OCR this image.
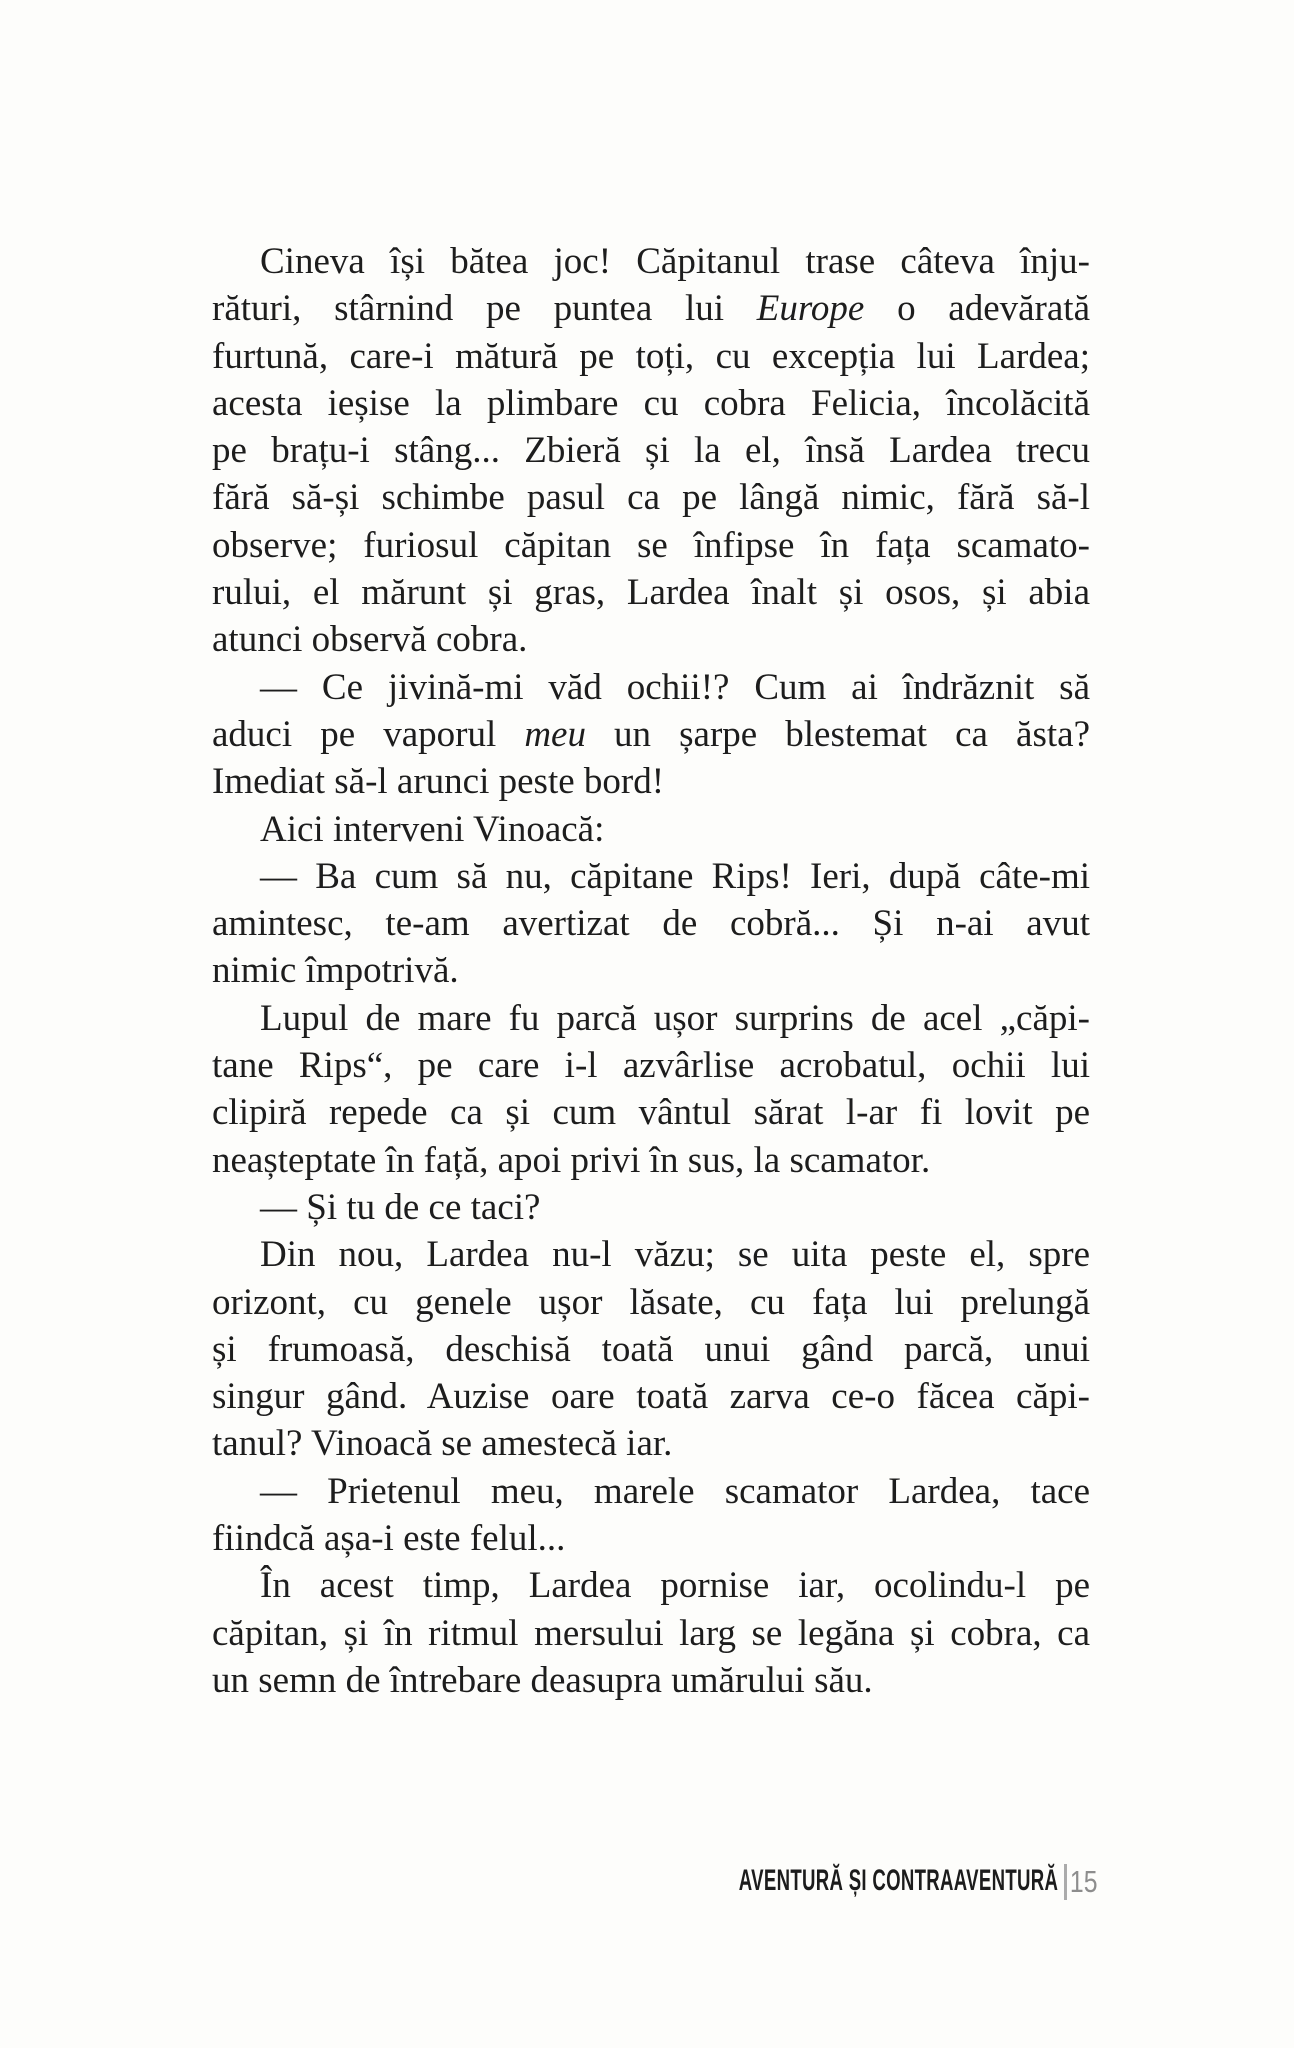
Cineva își bătea joc! Căpitanul trase câteva înju-
rături, stârnind pe puntea lui Europe o adevărată
furtună, care-i mătură pe toți, cu excepția lui Lardea;
acesta ieșise la plimbare cu cobra Felicia, încolăcită
pe brațu-i stâng... Zbieră și la el, însă Lardea trecu
fără să-și schimbe pasul ca pe lângă nimic, fără să-l
observe; furiosul căpitan se înfipse în fața scamato-
rului, el mărunt și gras, Lardea înalt și osos, și abia
atunci observă cobra.
— Ce jivină-mi văd ochii!? Cum ai îndrăznit să
aduci pe vaporul meu un șarpe blestemat ca ăsta?
Imediat să-l arunci peste bord!
Aici interveni Vinoacă:
— Ba cum să nu, căpitane Rips! Ieri, după câte-mi
amintesc, te-am avertizat de cobră... Și n-ai avut
nimic împotrivă.
Lupul de mare fu parcă ușor surprins de acel „căpi-
tane Rips“, pe care i-l azvârlise acrobatul, ochii lui
clipiră repede ca și cum vântul sărat l-ar fi lovit pe
neașteptate în față, apoi privi în sus, la scamator.
— Și tu de ce taci?
Din nou, Lardea nu-l văzu; se uita peste el, spre
orizont, cu genele ușor lăsate, cu fața lui prelungă
și frumoasă, deschisă toată unui gând parcă, unui
singur gând. Auzise oare toată zarva ce-o făcea căpi-
tanul? Vinoacă se amestecă iar.
— Prietenul meu, marele scamator Lardea, tace
fiindcă așa-i este felul...
În acest timp, Lardea pornise iar, ocolindu-l pe
căpitan, și în ritmul mersului larg se legăna și cobra, ca
un semn de întrebare deasupra umărului său.
AVENTURĂ ȘI CONTRAAVENTURĂ 15
